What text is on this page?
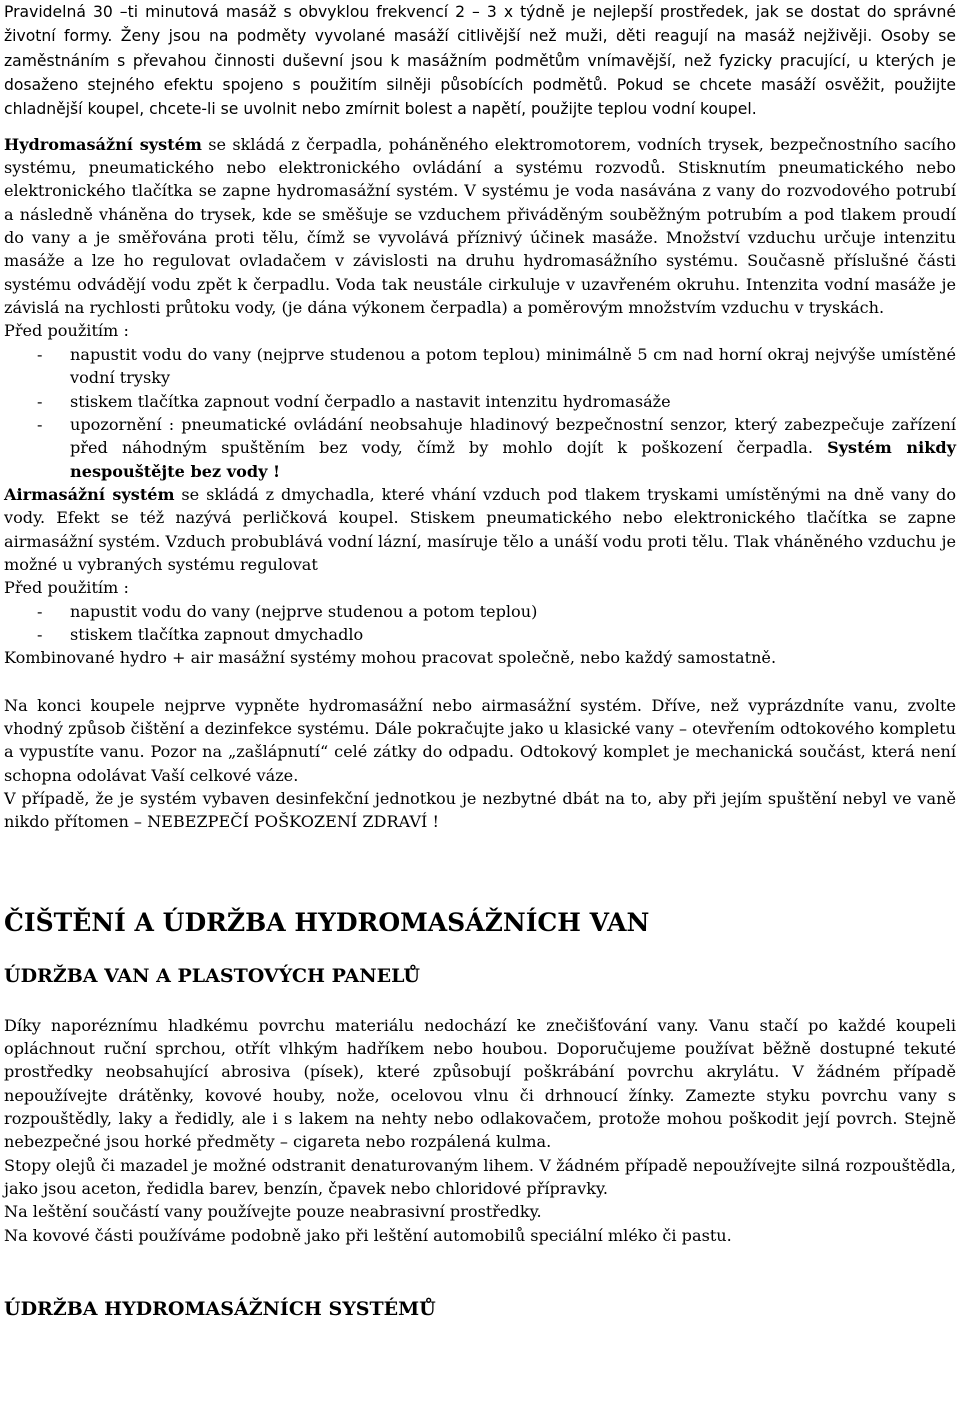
Pravidelná 30 –ti minutová masáž s obvyklou frekvencí 2 – 3 x týdně je nejlepší prostředek, jak se dostat do správné životní formy. Ženy jsou na podměty vyvolané masáží citlivější než muži, děti reagují na masáž nejživěji. Osoby se zaměstnáním s převahou činnosti duševní jsou k masážním podmětům vnímavější, než fyzicky pracující, u kterých je dosaženo stejného efektu spojeno s použitím silněji působících podmětů. Pokud se chcete masáží osvěžit, použijte chladnější koupel, chcete-li se uvolnit nebo zmírnit bolest a napětí, použijte teplou vodní koupel.

Hydromasážní systém se skládá z čerpadla, poháněného elektromotorem, vodních trysek, bezpečnostního sacího systému, pneumatického nebo elektronického ovládání a systému rozvodů. Stisknutím pneumatického nebo elektronického tlačítka se zapne hydromasážní systém. V systému je voda nasávána z vany do rozvodového potrubí a následně vháněna do trysek, kde se směšuje se vzduchem přiváděným souběžným potrubím a pod tlakem proudí do vany a je směřována proti tělu, čímž se vyvolává příznivý účinek masáže. Množství vzduchu určuje intenzitu masáže a lze ho regulovat ovladačem v závislosti na druhu hydromasážního systému. Současně příslušné části systému odvádějí vodu zpět k čerpadlu. Voda tak neustále cirkuluje v uzavřeném okruhu. Intenzita vodní masáže je závislá na rychlosti průtoku vody, (je dána výkonem čerpadla) a poměrovým množstvím vzduchu v tryskách.

Před použitím :

- napustit vodu do vany (nejprve studenou a potom teplou) minimálně 5 cm nad horní okraj nejvýše umístěné vodní trysky
- stiskem tlačítka zapnout vodní čerpadlo a nastavit intenzitu hydromasáže
- upozornění : pneumatické ovládání neobsahuje hladinový bezpečnostní senzor, který zabezpečuje zařízení před náhodným spuštěním bez vody, čímž by mohlo dojít k poškození čerpadla. Systém nikdy nespouštějte bez vody !

Airmasážní systém se skládá z dmychadla, které vhání vzduch pod tlakem tryskami umístěnými na dně vany do vody. Efekt se též nazývá perličková koupel. Stiskem pneumatického nebo elektronického tlačítka se zapne airmasážní systém. Vzduch probublává vodní lázní, masíruje tělo a unáší vodu proti tělu. Tlak vháněného vzduchu je možné u vybraných systému regulovat

Před použitím :

- napustit vodu do vany (nejprve studenou a potom teplou)
- stiskem tlačítka zapnout dmychadlo

Kombinované hydro + air masážní systémy mohou pracovat společně, nebo každý samostatně.

Na konci koupele nejprve vypněte hydromasážní nebo airmasážní systém. Dříve, než vyprázdníte vanu, zvolte vhodný způsob čištění a dezinfekce systému. Dále pokračujte jako u klasické vany – otevřením odtokového kompletu a vypustíte vanu. Pozor na „zašlápnutí“ celé zátky do odpadu. Odtokový komplet je mechanická součást, která není schopna odolávat Vaší celkové váze.

V případě, že je systém vybaven desinfekční jednotkou je nezbytné dbát na to, aby při jejím spuštění nebyl ve vaně nikdo přítomen – NEBEZPEČÍ POŠKOZENÍ ZDRAVÍ !

ČIŠTĚNÍ A ÚDRŽBA HYDROMASÁŽNÍCH VAN
ÚDRŽBA VAN A PLASTOVÝCH PANELŮ

Díky naporéznímu hladkému povrchu materiálu nedochází ke znečišťování vany. Vanu stačí po každé koupeli opláchnout ruční sprchou, otřít vlhkým hadříkem nebo houbou. Doporučujeme používat běžně dostupné tekuté prostředky neobsahující abrosiva (písek), které způsobují poškrábání povrchu akrylátu. V žádném případě nepoužívejte drátěnky, kovové houby, nože, ocelovou vlnu či drhnoucí žínky. Zamezte styku povrchu vany s rozpouštědly, laky a ředidly, ale i s lakem na nehty nebo odlakovačem, protože mohou poškodit její povrch. Stejně nebezpečné jsou horké předměty – cigareta nebo rozpálená kulma.

Stopy olejů či mazadel je možné odstranit denaturovaným lihem. V žádném případě nepoužívejte silná rozpouštědla, jako jsou aceton, ředidla barev, benzín, čpavek nebo chloridové přípravky.

Na leštění součástí vany používejte pouze neabrasivní prostředky.

Na kovové části používáme podobně jako při leštění automobilů speciální mléko či pastu.

ÚDRŽBA HYDROMASÁŽNÍCH SYSTÉMŮ
